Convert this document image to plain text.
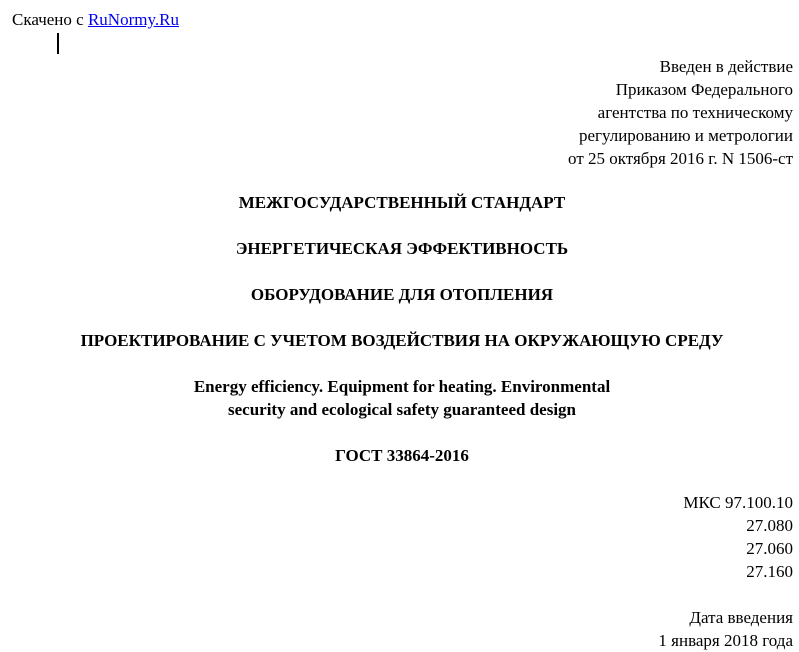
Скачено с RuNormy.Ru
Введен в действие
Приказом Федерального
агентства по техническому
регулированию и метрологии
от 25 октября 2016 г. N 1506-ст
МЕЖГОСУДАРСТВЕННЫЙ СТАНДАРТ
ЭНЕРГЕТИЧЕСКАЯ ЭФФЕКТИВНОСТЬ
ОБОРУДОВАНИЕ ДЛЯ ОТОПЛЕНИЯ
ПРОЕКТИРОВАНИЕ С УЧЕТОМ ВОЗДЕЙСТВИЯ НА ОКРУЖАЮЩУЮ СРЕДУ
Energy efficiency. Equipment for heating. Environmental
security and ecological safety guaranteed design
ГОСТ 33864-2016
МКС 97.100.10
27.080
27.060
27.160
Дата введения
1 января 2018 года
